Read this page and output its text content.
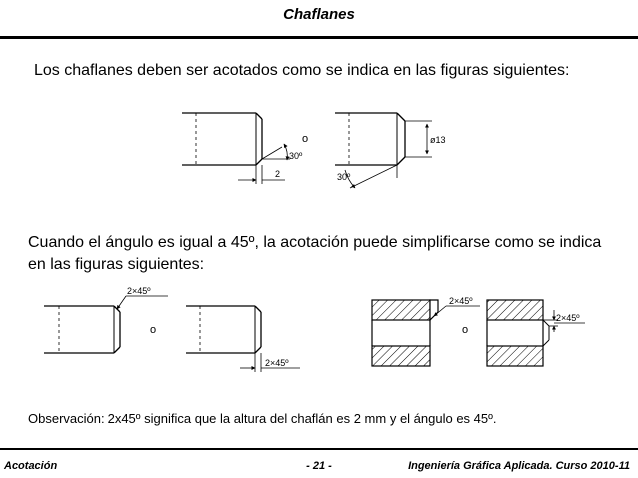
Chaflanes
Los chaflanes deben ser acotados como se indica en las figuras siguientes:
30º
2
o	ø13
30º
2×45º
o
2×45º
2×45º
o
2×45º
Cuando el ángulo es igual a 45º, la acotación puede simplificarse como se indica en las figuras siguientes:
Observación: 2x45º significa que la altura del chaflán es 2 mm y el ángulo es 45º.
Acotación	- 21 -	Ingeniería Gráfica Aplicada. Curso 2010-11
